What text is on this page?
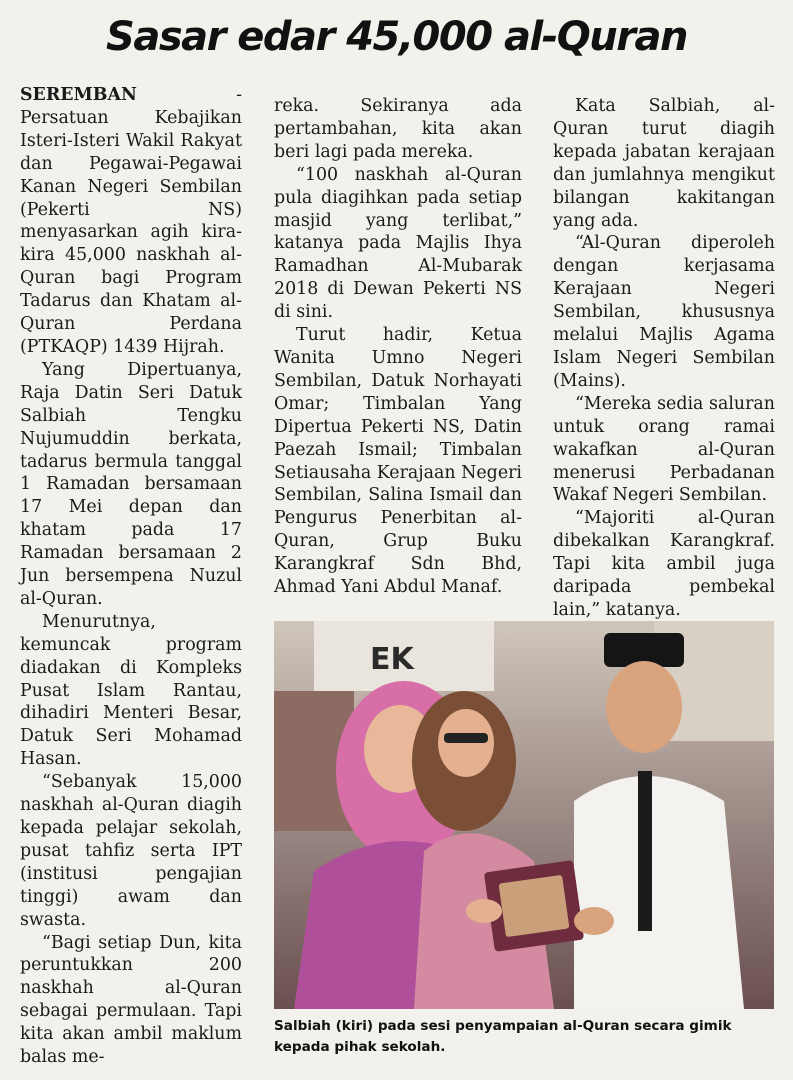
Sasar edar 45,000 al-Quran

SEREMBAN - Persatuan Kebajikan Isteri-Isteri Wakil Rakyat dan Pegawai-Pegawai Kanan Negeri Sembilan (Pekerti NS) menyasarkan agih kira-kira 45,000 naskhah al-Quran bagi Program Tadarus dan Khatam al-Quran Perdana (PTKAQP) 1439 Hijrah.

Yang Dipertuanya, Raja Datin Seri Datuk Salbiah Tengku Nujumuddin berkata, tadarus bermula tanggal 1 Ramadan bersamaan 17 Mei depan dan khatam pada 17 Ramadan bersamaan 2 Jun bersempena Nuzul al-Quran.

Menurutnya, kemuncak program diadakan di Kompleks Pusat Islam Rantau, dihadiri Menteri Besar, Datuk Seri Mohamad Hasan.

“Sebanyak 15,000 naskhah al-Quran diagih kepada pelajar sekolah, pusat tahfiz serta IPT (institusi pengajian tinggi) awam dan swasta.

“Bagi setiap Dun, kita peruntukkan 200 naskhah al-Quran sebagai permulaan. Tapi kita akan ambil maklum balas me-

reka. Sekiranya ada pertambahan, kita akan beri lagi pada mereka.

“100 naskhah al-Quran pula diagihkan pada setiap masjid yang terlibat,” katanya pada Majlis Ihya Ramadhan Al-Mubarak 2018 di Dewan Pekerti NS di sini.

Turut hadir, Ketua Wanita Umno Negeri Sembilan, Datuk Norhayati Omar; Timbalan Yang Dipertua Pekerti NS, Datin Paezah Ismail; Timbalan Setiausaha Kerajaan Negeri Sembilan, Salina Ismail dan Pengurus Penerbitan al-Quran, Grup Buku Karangkraf Sdn Bhd, Ahmad Yani Abdul Manaf.

Kata Salbiah, al-Quran turut diagih kepada jabatan kerajaan dan jumlahnya mengikut bilangan kakitangan yang ada.

“Al-Quran diperoleh dengan kerjasama Kerajaan Negeri Sembilan, khususnya melalui Majlis Agama Islam Negeri Sembilan (Mains).

“Mereka sedia saluran untuk orang ramai wakafkan al-Quran menerusi Perbadanan Wakaf Negeri Sembilan.

“Majoriti al-Quran dibekalkan Karangkraf. Tapi kita ambil juga daripada pembekal lain,” katanya.

EK
Salbiah (kiri) pada sesi penyampaian al-Quran secara gimik kepada pihak sekolah.
